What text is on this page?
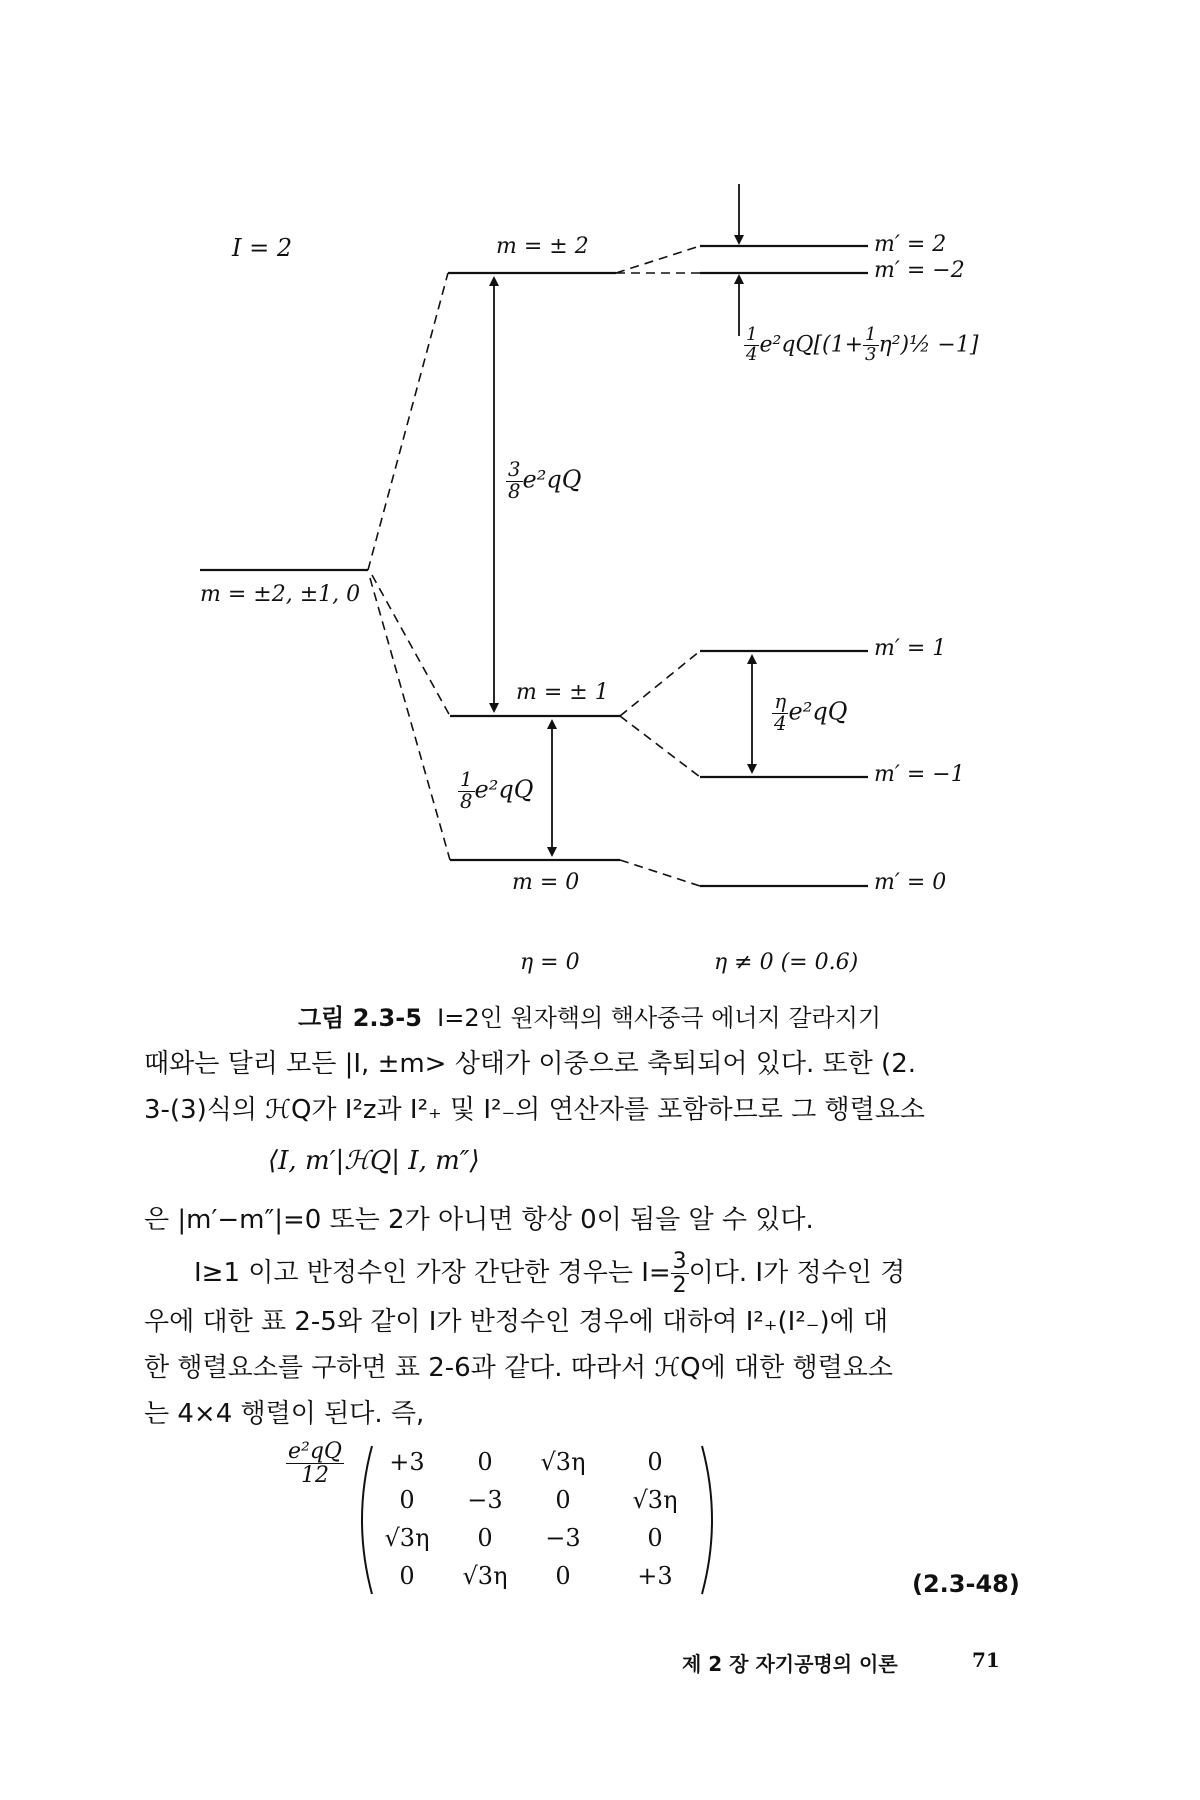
I = 2
m = ±2, ±1, 0
m = ± 2
m = ± 1
m = 0
m′ = 2
m′ = −2
m′ = 1
m′ = −1
m′ = 0
$\frac{3}{8} e^2qQ$
$\frac{1}{8} e^2qQ$
$\frac{\eta}{4} e^2qQ$
$\frac{1}{4} e^2qQ[(1+ \frac{1}{3}$ η²)½ −1]
η = 0	η ≠ 0 (= 0.6)
그림 2.3-5 I=2인 원자핵의 핵사중극 에너지 갈라지기
때와는 달리 모든 |I, ±m> 상태가 이중으로 축퇴되어 있다. 또한 (2.
3-(3)식의 ℋQ가 I²z과 I²₊ 및 I²₋의 연산자를 포함하므로 그 행렬요소
⟨I, m′|ℋQ| I, m″⟩
은 |m′−m″|=0 또는 2가 아니면 항상 0이 됨을 알 수 있다.
I≥1 이고 반정수인 가장 간단한 경우는 $I= \frac{3}{2}$ 이다. I가 정수인 경
우에 대한 표 2-5와 같이 I가 반정수인 경우에 대하여 I²₊(I²₋)에 대
한 행렬요소를 구하면 표 2-6과 같다. 따라서 ℋQ에 대한 행렬요소
는 4×4 행렬이 된다. 즉,
$\frac{\text{e²qQ}}{12}$	+3	0	√3η	0
0	−3	0	√3η
√3η	0	−3	0
0	√3η	0	+3	(2.3-48)
제 2 장 자기공명의 이론	71
